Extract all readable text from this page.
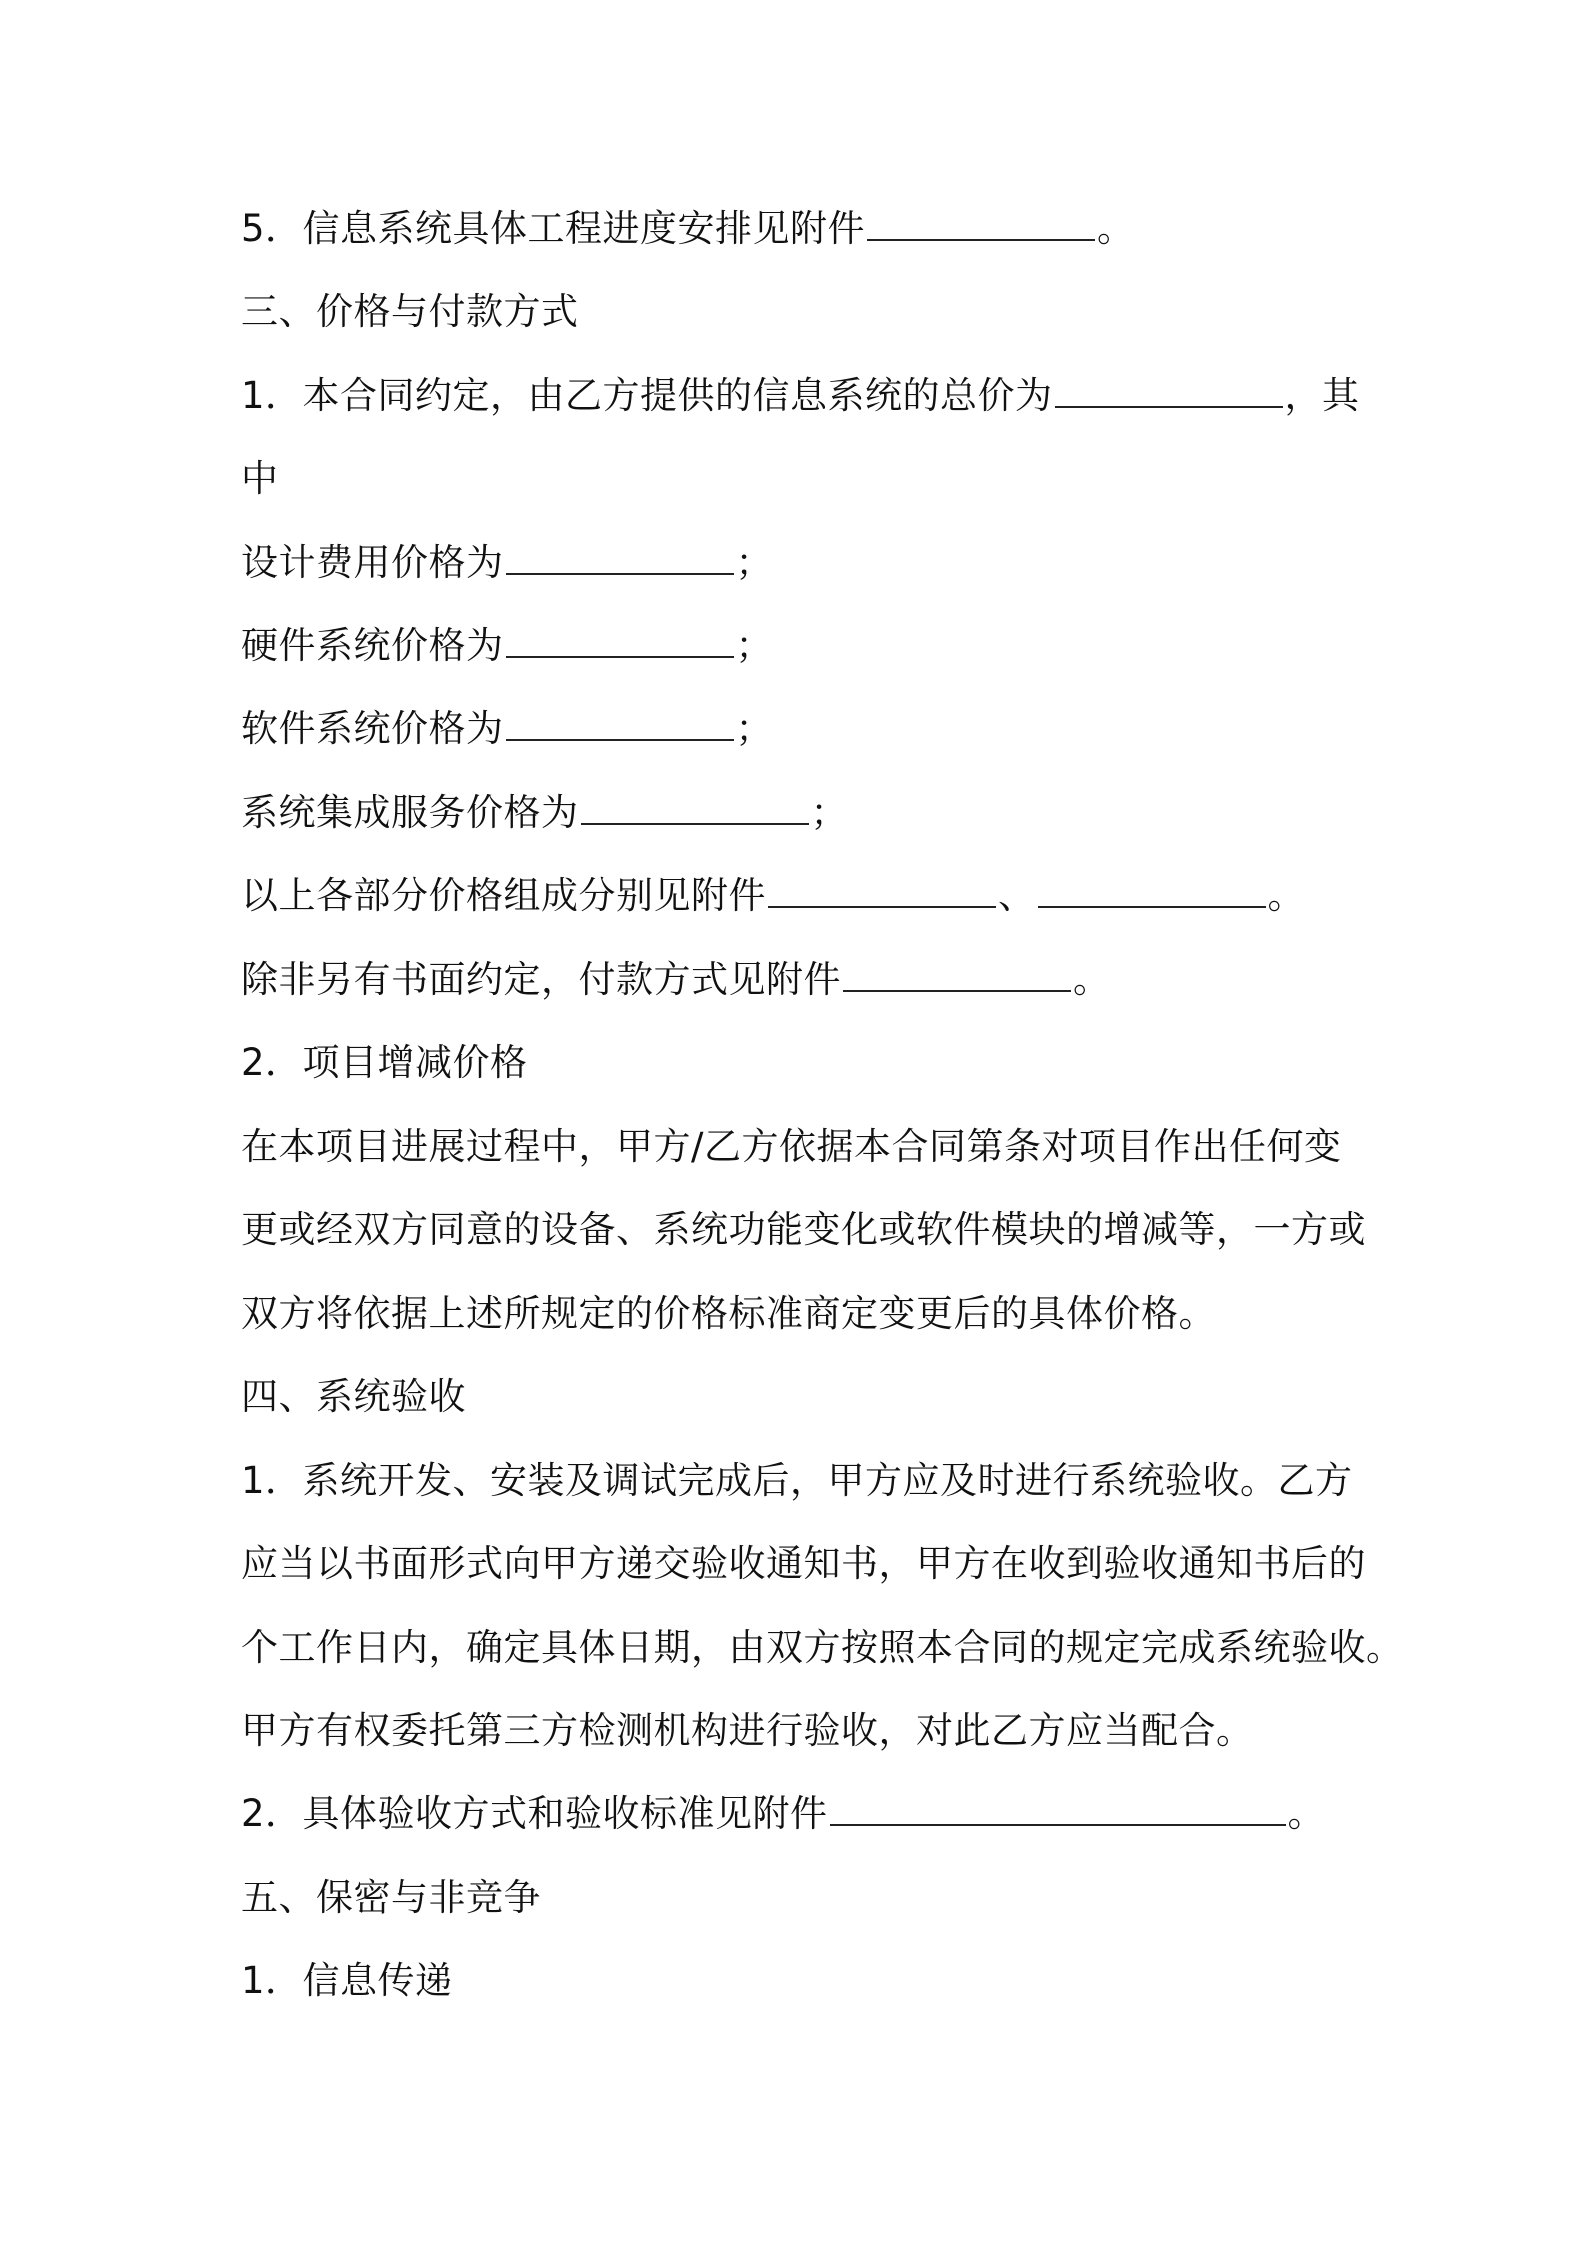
5．信息系统具体工程进度安排见附件	。
三、价格与付款方式
1．本合同约定，由乙方提供的信息系统的总价为	，其
中
设计费用价格为	；
硬件系统价格为	；
软件系统价格为	；
系统集成服务价格为	；
以上各部分价格组成分别见附件	、	。
除非另有书面约定，付款方式见附件	。
2．项目增减价格
在本项目进展过程中，甲方/乙方依据本合同第条对项目作出任何变
更或经双方同意的设备、系统功能变化或软件模块的增减等，一方或
双方将依据上述所规定的价格标准商定变更后的具体价格。
四、系统验收
1．系统开发、安装及调试完成后，甲方应及时进行系统验收。乙方
应当以书面形式向甲方递交验收通知书，甲方在收到验收通知书后的
个工作日内，确定具体日期，由双方按照本合同的规定完成系统验收。
甲方有权委托第三方检测机构进行验收，对此乙方应当配合。
2．具体验收方式和验收标准见附件	。
五、保密与非竞争
1．信息传递
